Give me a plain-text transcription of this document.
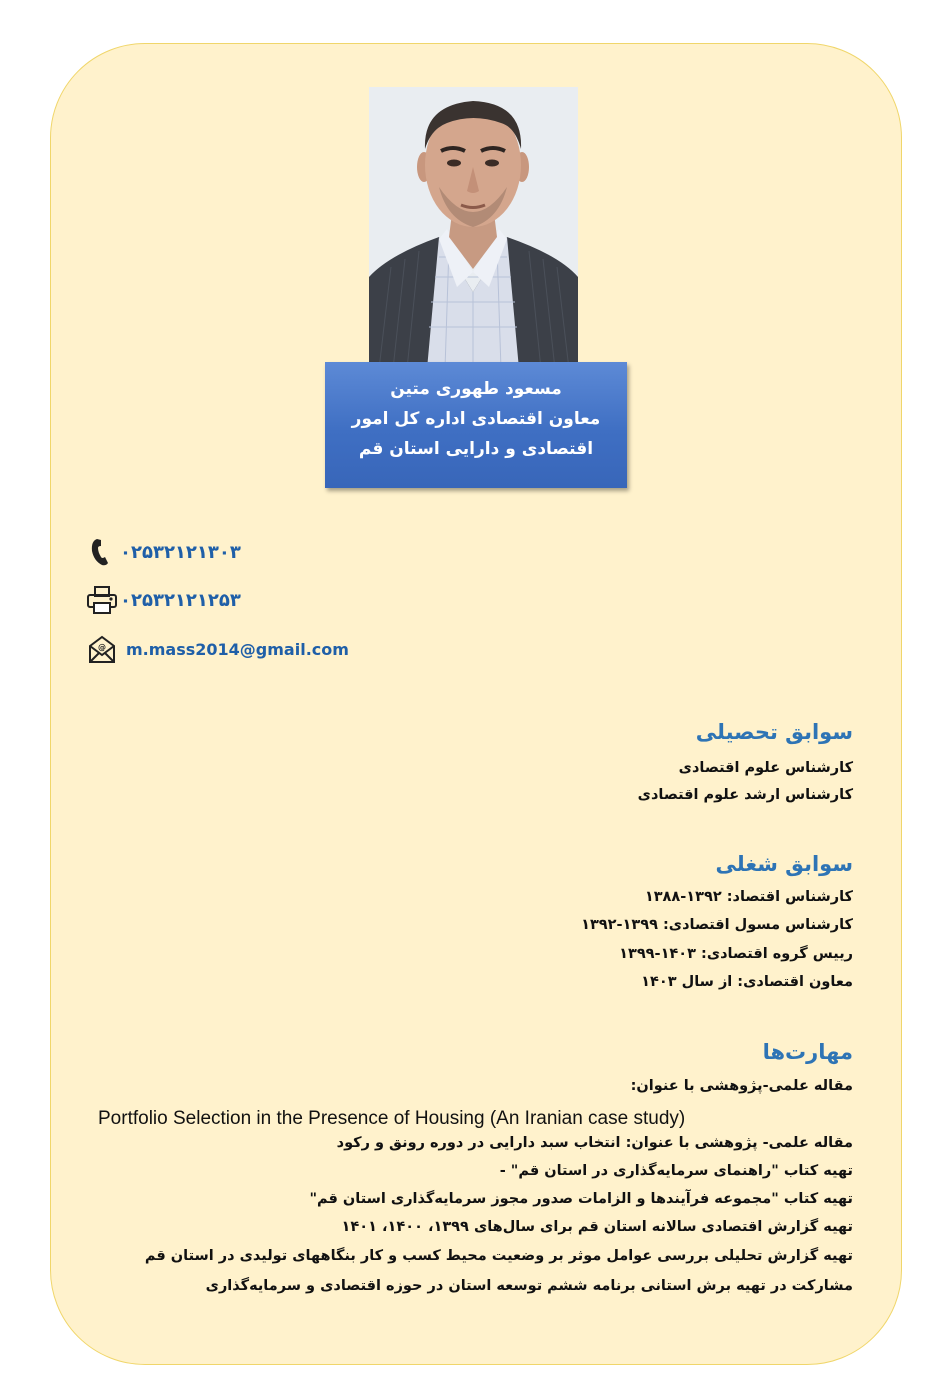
مسعود طهوری متین
معاون اقتصادی اداره کل امور
اقتصادی و دارایی استان قم
۰۲۵۳۲۱۲۱۳۰۳
۰۲۵۳۲۱۲۱۲۵۳
@ m.mass2014@gmail.com
سوابق تحصیلی
کارشناس علوم اقتصادی
کارشناس ارشد علوم اقتصادی
سوابق شغلی
کارشناس اقتصاد: ۱۳۹۲-۱۳۸۸
کارشناس مسول اقتصادی: ۱۳۹۹-۱۳۹۲
رییس گروه اقتصادی: ۱۴۰۳-۱۳۹۹
معاون اقتصادی: از سال ۱۴۰۳
مهارت‌ها
مقاله علمی-پژوهشی با عنوان:
Portfolio Selection in the Presence of Housing (An Iranian case study)
مقاله علمی- پژوهشی با عنوان: انتخاب سبد دارایی در دوره رونق و رکود
تهیه کتاب "راهنمای سرمایه‌گذاری در استان قم" -
تهیه کتاب "مجموعه فرآیندها و الزامات صدور مجوز سرمایه‌گذاری استان قم"
تهیه گزارش اقتصادی سالانه استان قم برای سال‌های ۱۳۹۹، ۱۴۰۰، ۱۴۰۱
تهیه گزارش تحلیلی بررسی عوامل موثر بر وضعیت محیط کسب و کار بنگاههای تولیدی در استان قم
مشارکت در تهیه برش استانی برنامه ششم توسعه استان در حوزه اقتصادی و سرمایه‌گذاری
